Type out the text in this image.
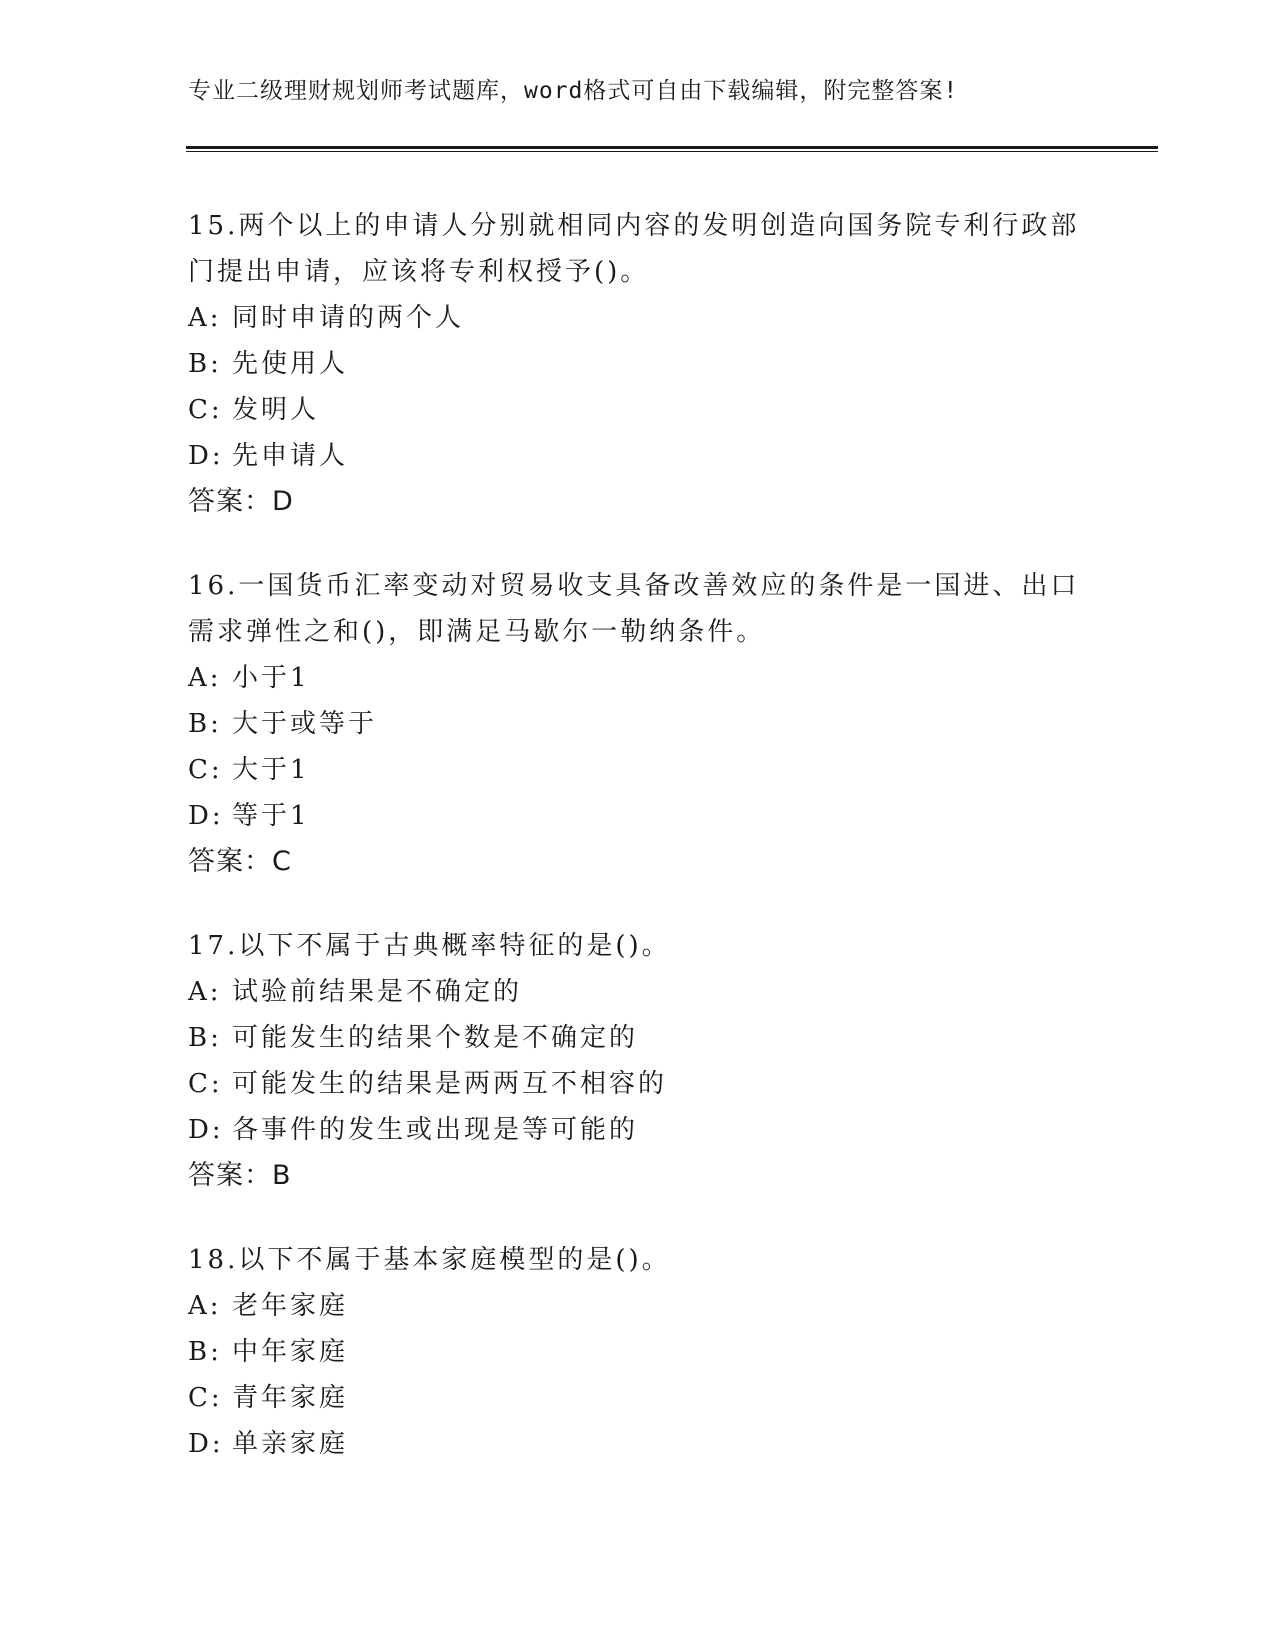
专业二级理财规划师考试题库，word格式可自由下载编辑，附完整答案!
15.两个以上的申请人分别就相同内容的发明创造向国务院专利行政部门提出申请，应该将专利权授予()。
A: 同时申请的两个人
B: 先使用人
C: 发明人
D: 先申请人
答案：D
16.一国货币汇率变动对贸易收支具备改善效应的条件是一国进、出口需求弹性之和()，即满足马歇尔一勒纳条件。
A: 小于1
B: 大于或等于
C: 大于1
D: 等于1
答案：C
17.以下不属于古典概率特征的是()。
A: 试验前结果是不确定的
B: 可能发生的结果个数是不确定的
C: 可能发生的结果是两两互不相容的
D: 各事件的发生或出现是等可能的
答案：B
18.以下不属于基本家庭模型的是()。
A: 老年家庭
B: 中年家庭
C: 青年家庭
D: 单亲家庭
